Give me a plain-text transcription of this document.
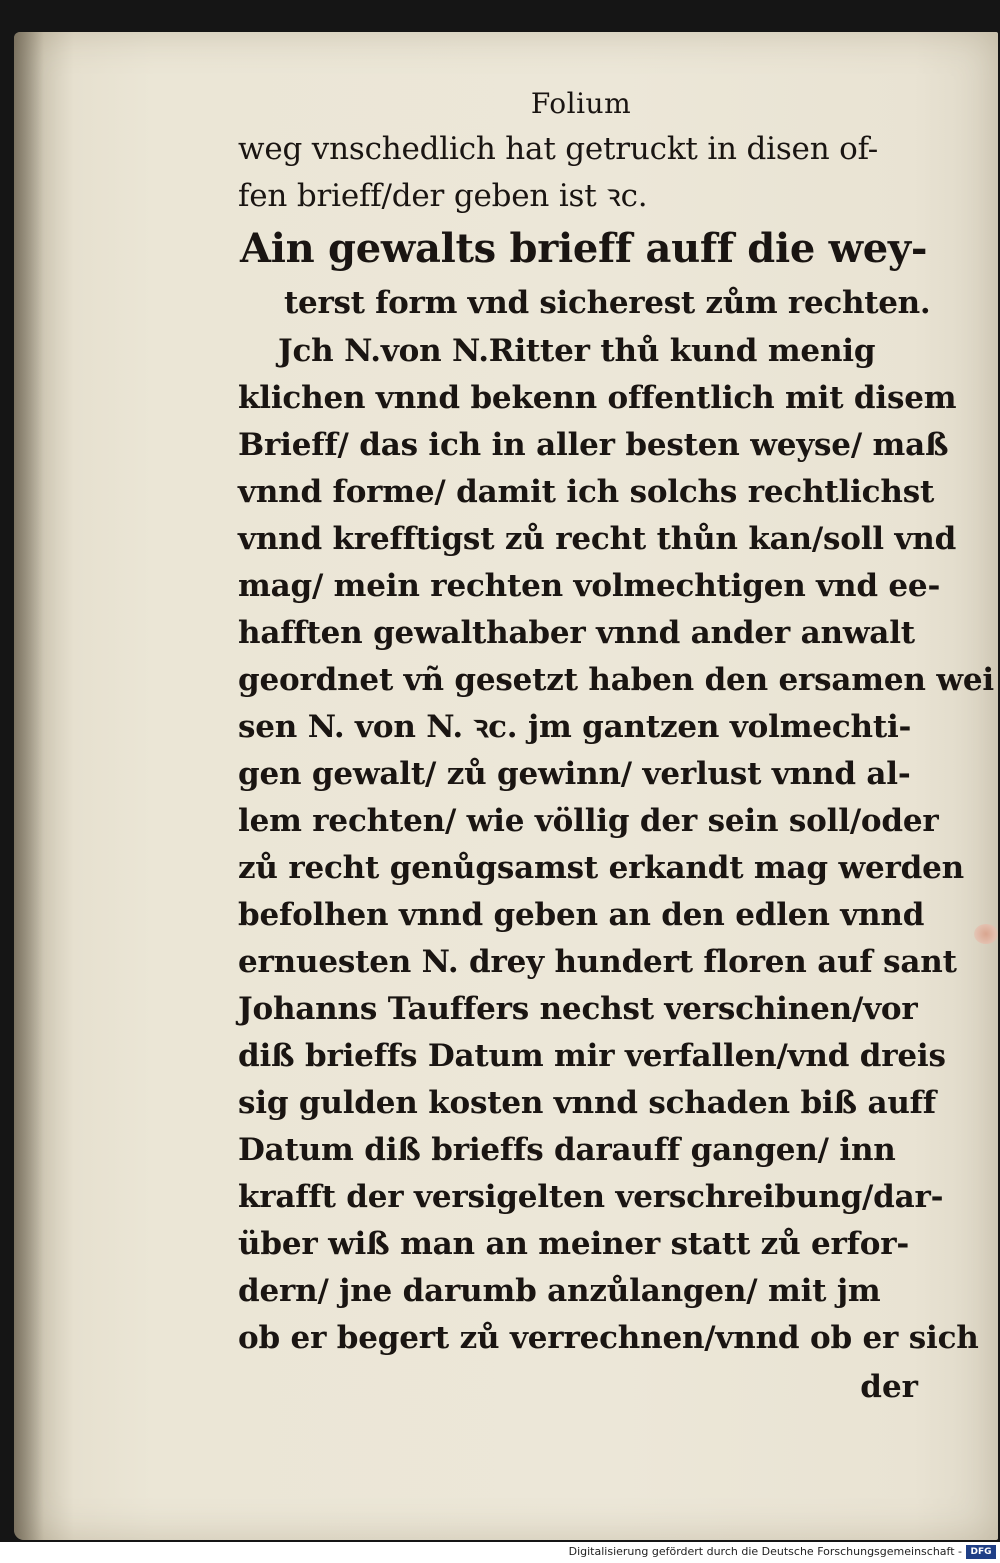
Folium
weg vnschedlich hat getruckt in disen of-
fen brieff/der geben ist ꝛc.
Ain gewalts brieff auff die wey-
terst form vnd sicherest zům rechten.
Jch N.von N.Ritter thů kund menig
klichen vnnd bekenn offentlich mit disem
Brieff/ das ich in aller besten weyse/ maß
vnnd forme/ damit ich solchs rechtlichst
vnnd krefftigst zů recht thůn kan/soll vnd
mag/ mein rechten volmechtigen vnd ee-
hafften gewalthaber vnnd ander anwalt
geordnet vñ gesetzt haben den ersamen wei
sen N. von N. ꝛc. jm gantzen volmechti-
gen gewalt/ zů gewinn/ verlust vnnd al-
lem rechten/ wie völlig der sein soll/oder
zů recht genůgsamst erkandt mag werden
befolhen vnnd geben an den edlen vnnd
ernuesten N. drey hundert floren auf sant
Johanns Tauffers nechst verschinen/vor
diß brieffs Datum mir verfallen/vnd dreis
sig gulden kosten vnnd schaden biß auff
Datum diß brieffs darauff gangen/ inn
krafft der versigelten verschreibung/dar-
über wiß man an meiner statt zů erfor-
dern/ jne darumb anzůlangen/ mit jm
ob er begert zů verrechnen/vnnd ob er sich
der
Digitalisierung gefördert durch die Deutsche Forschungsgemeinschaft - DFG
